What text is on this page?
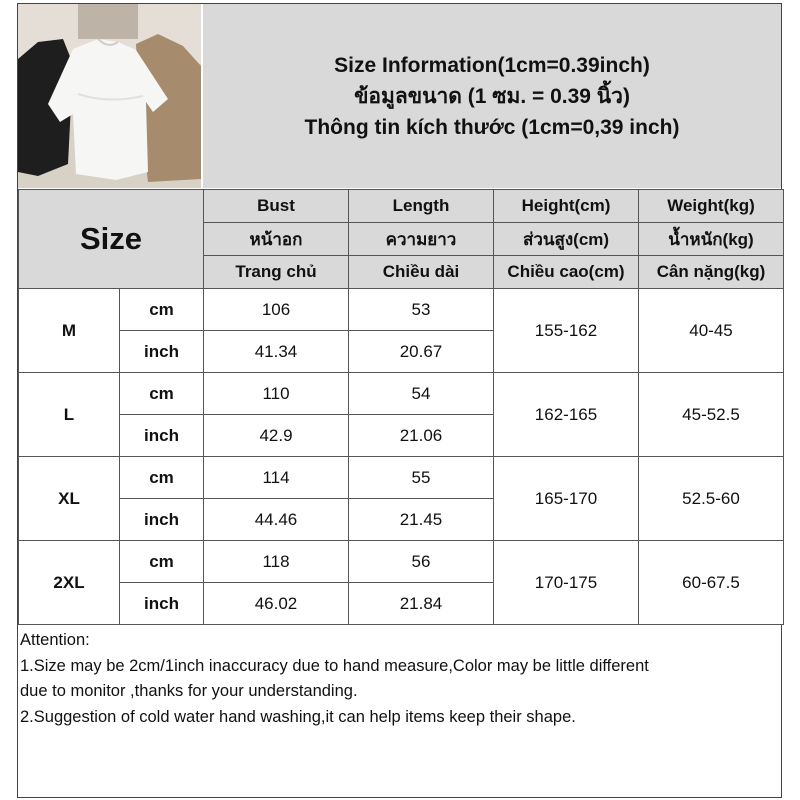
Size Information(1cm=0.39inch)
ข้อมูลขนาด (1 ซม. = 0.39 นิ้ว)
Thông tin kích thước (1cm=0,39 inch)
Size		Bust	Length	Height(cm)	Weight(kg)
		หน้าอก	ความยาว	ส่วนสูง(cm)	น้ำหนัก(kg)
		Trang chủ	Chiều dài	Chiều cao(cm)	Cân nặng(kg)
M	cm	106	53	155-162	40-45
	inch	41.34	20.67		
L	cm	110	54	162-165	45-52.5
	inch	42.9	21.06		
XL	cm	114	55	165-170	52.5-60
	inch	44.46	21.45		
2XL	cm	118	56	170-175	60-67.5
	inch	46.02	21.84		
Attention:
1.Size may be 2cm/1inch inaccuracy due to hand measure,Color may be little different
due to monitor ,thanks for your understanding.
2.Suggestion of cold water hand washing,it can help items keep their shape.
